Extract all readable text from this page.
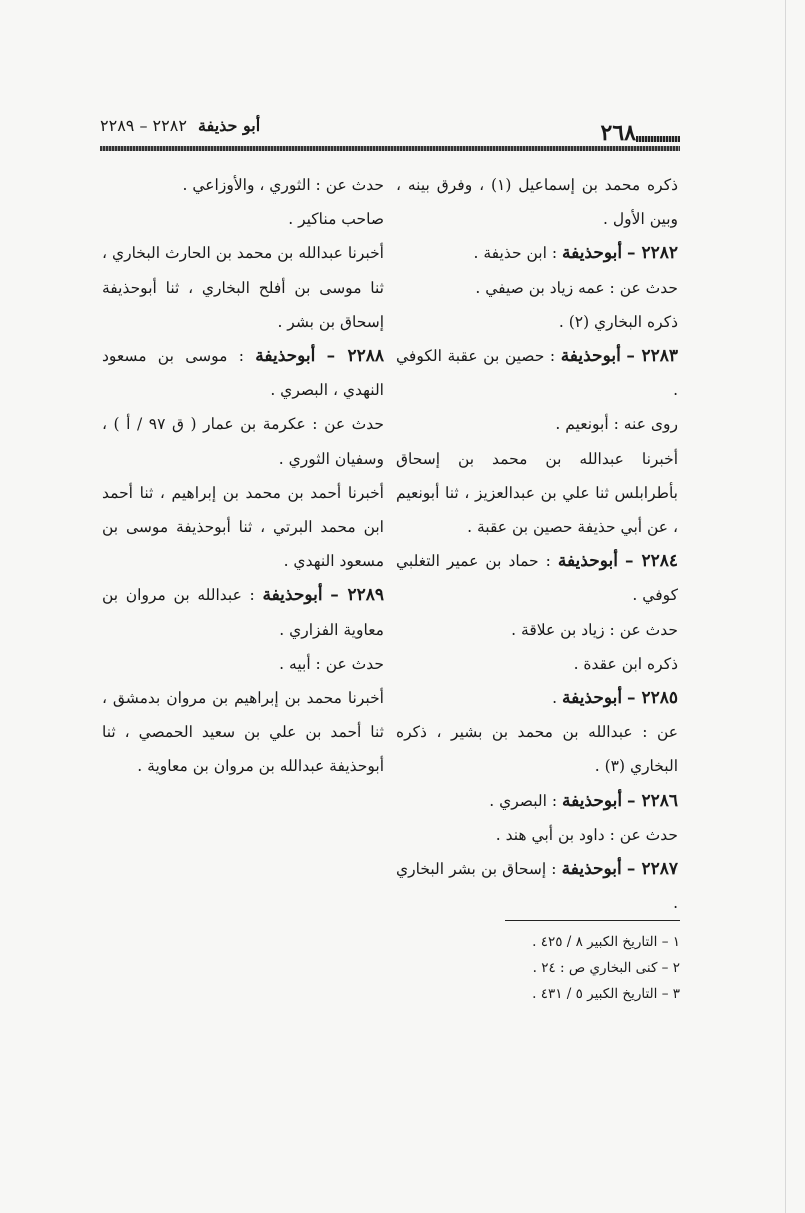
٢٦٨
أبو حذيفة ٢٢٨٢ – ٢٢٨٩

ذكره محمد بن إسماعيل (١) ، وفرق بينه ، وبين الأول .

٢٢٨٢ – أبوحذيفة : ابن حذيفة .

حدث عن : عمه زياد بن صيفي .

ذكره البخاري (٢) .

٢٢٨٣ – أبوحذيفة : حصين بن عقبة الكوفي .

روى عنه : أبونعيم .

أخبرنا عبدالله بن محمد بن إسحاق بأطرابلس ثنا علي بن عبدالعزيز ، ثنا أبونعيم ، عن أبي حذيفة حصين بن عقبة .

٢٢٨٤ – أبوحذيفة : حماد بن عمير التغلبي كوفي .

حدث عن : زياد بن علاقة .

ذكره ابن عقدة .

٢٢٨٥ – أبوحذيفة .

عن : عبدالله بن محمد بن بشير ، ذكره البخاري (٣) .

٢٢٨٦ – أبوحذيفة : البصري .

حدث عن : داود بن أبي هند .

٢٢٨٧ – أبوحذيفة : إسحاق بن بشر البخاري .

حدث عن : الثوري ، والأوزاعي .

صاحب مناكير .

أخبرنا عبدالله بن محمد بن الحارث البخاري ، ثنا موسى بن أفلح البخاري ، ثنا أبوحذيفة إسحاق بن بشر .

٢٢٨٨ – أبوحذيفة : موسى بن مسعود النهدي ، البصري .

حدث عن : عكرمة بن عمار ( ق ٩٧ / أ ) ، وسفيان الثوري .

أخبرنا أحمد بن محمد بن إبراهيم ، ثنا أحمد ابن محمد البرتي ، ثنا أبوحذيفة موسى بن مسعود النهدي .

٢٢٨٩ – أبوحذيفة : عبدالله بن مروان بن معاوية الفزاري .

حدث عن : أبيه .

أخبرنا محمد بن إبراهيم بن مروان بدمشق ، ثنا أحمد بن علي بن سعيد الحمصي ، ثنا أبوحذيفة عبدالله بن مروان بن معاوية .

١ – التاريخ الكبير ٨ / ٤٢٥ .

٢ – كنى البخاري ص : ٢٤ .

٣ – التاريخ الكبير ٥ / ٤٣١ .
